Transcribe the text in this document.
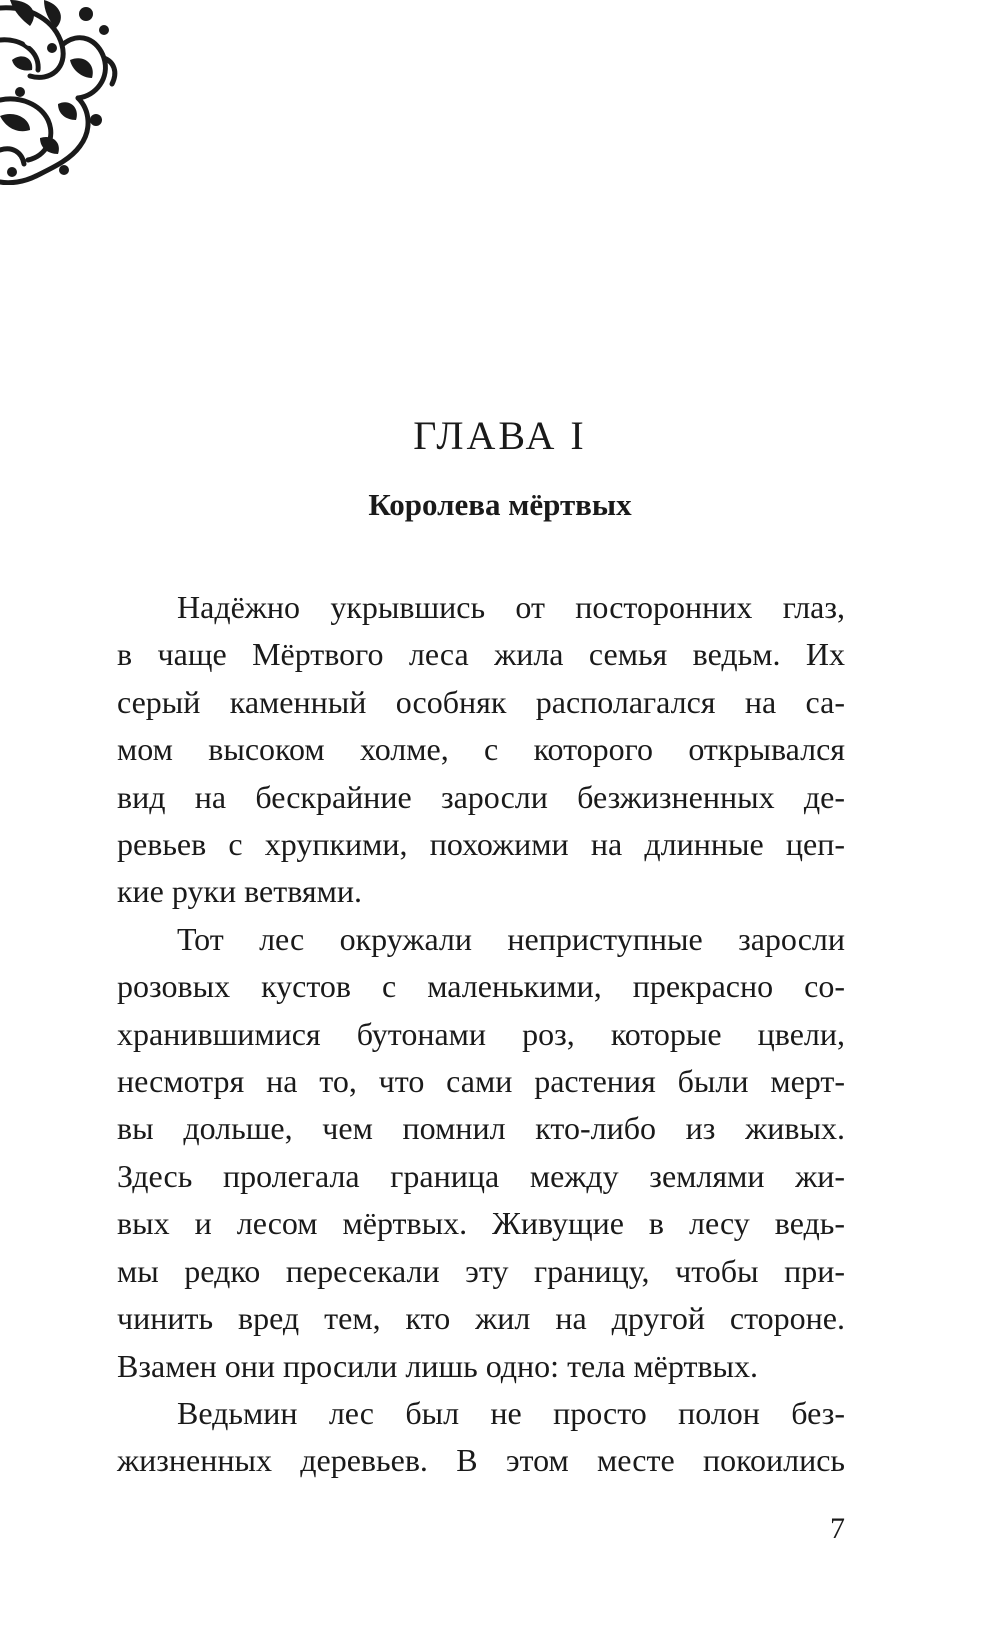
ГЛАВА I
Королева мёртвых

Надёжно укрывшись от посторонних глаз,
в чаще Мёртвого леса жила семья ведьм. Их
серый каменный особняк располагался на са-
мом высоком холме, с которого открывался
вид на бескрайние заросли безжизненных де-
ревьев с хрупкими, похожими на длинные цеп-
кие руки ветвями.

Тот лес окружали неприступные заросли
розовых кустов с маленькими, прекрасно со-
хранившимися бутонами роз, которые цвели,
несмотря на то, что сами растения были мерт-
вы дольше, чем помнил кто-либо из живых.
Здесь пролегала граница между землями жи-
вых и лесом мёртвых. Живущие в лесу ведь-
мы редко пересекали эту границу, чтобы при-
чинить вред тем, кто жил на другой стороне.
Взамен они просили лишь одно: тела мёртвых.

Ведьмин лес был не просто полон без-
жизненных деревьев. В этом месте покоились

7
